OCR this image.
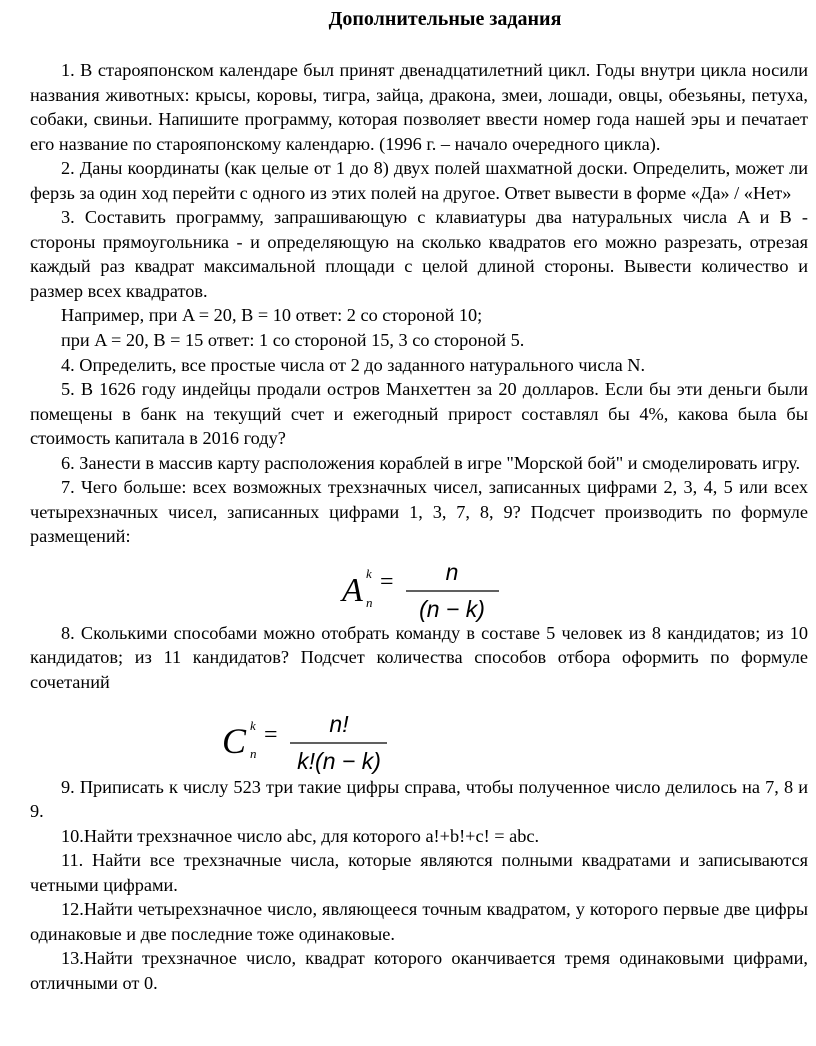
Дополнительные задания

1. В старояпонском календаре был принят двенадцатилетний цикл. Годы внутри цикла носили названия животных: крысы, коровы, тигра, зайца, дракона, змеи, лошади, овцы, обезьяны, петуха, собаки, свиньи. Напишите программу, которая позволяет ввести номер года нашей эры и печатает его название по старояпонскому календарю. (1996 г. – начало очередного цикла).

2. Даны координаты (как целые от 1 до 8) двух полей шахматной доски. Определить, может ли ферзь за один ход перейти с одного из этих полей на другое. Ответ вывести в форме «Да» / «Нет»

3. Составить программу, запрашивающую с клавиатуры два натуральных числа A и B - стороны прямоугольника - и определяющую на сколько квадратов его можно разрезать, отрезая каждый раз квадрат максимальной площади с целой длиной стороны. Вывести количество и размер всех квадратов.

Например, при A = 20, B = 10 ответ: 2 со стороной 10;

при A = 20, B = 15 ответ: 1 со стороной 15, 3 со стороной 5.

4. Определить, все простые числа от 2 до заданного натурального числа N.

5. В 1626 году индейцы продали остров Манхеттен за 20 долларов. Если бы эти деньги были помещены в банк на текущий счет и ежегодный прирост составлял бы 4%, какова была бы стоимость капитала в 2016 году?

6. Занести в массив карту расположения кораблей в игре "Морской бой" и смоделировать игру.

7. Чего больше: всех возможных трехзначных чисел, записанных цифрами 2, 3, 4, 5 или всех четырехзначных чисел, записанных цифрами 1, 3, 7, 8, 9? Подсчет производить по формуле размещений:

A k
n
= n
(n − k)

8. Сколькими способами можно отобрать команду в составе 5 человек из 8 кандидатов; из 10 кандидатов; из 11 кандидатов? Подсчет количества способов отбора оформить по формуле сочетаний

C k
n
= n!
k!(n − k)

9. Приписать к числу 523 три такие цифры справа, чтобы полученное число делилось на 7, 8 и 9.

10.Найти трехзначное число abc, для которого a!+b!+c! = abc.

11. Найти все трехзначные числа, которые являются полными квадратами и записываются четными цифрами.

12.Найти четырехзначное число, являющееся точным квадратом, у которого первые две цифры одинаковые и две последние тоже одинаковые.

13.Найти трехзначное число, квадрат которого оканчивается тремя одинаковыми цифрами, отличными от 0.
